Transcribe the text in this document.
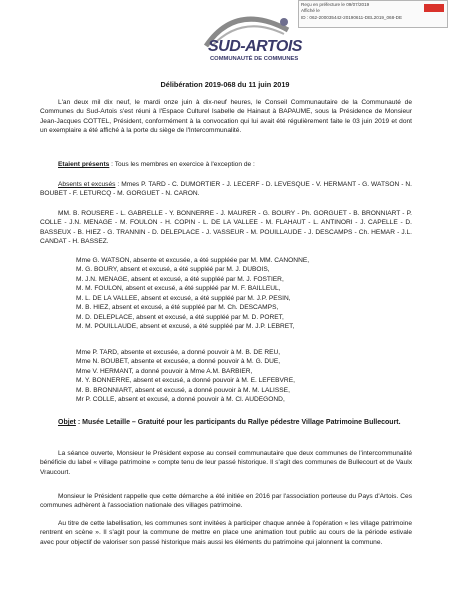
Reçu en préfecture le 09/07/2019
Affiché le
ID : 062-200035442-20190611-DEL2019_068-DE
SUD-ARTOIS
COMMUNAUTÉ DE COMMUNES
Délibération 2019-068 du 11 juin 2019

L'an deux mil dix neuf, le mardi onze juin à dix-neuf heures, le Conseil Communautaire de la Communauté de Communes du Sud-Artois s'est réuni à l'Espace Culturel Isabelle de Hainaut à BAPAUME, sous la Présidence de Monsieur Jean-Jacques COTTEL, Président, conformément à la convocation qui lui avait été régulièrement faite le 03 juin 2019 et dont un exemplaire a été affiché à la porte du siège de l'Intercommunalité.

Etaient présents : Tous les membres en exercice à l'exception de :

Absents et excusés : Mmes P. TARD - C. DUMORTIER - J. LECERF - D. LEVESQUE - V. HERMANT - G. WATSON - N. BOUBET - F. LETURCQ - M. GORGUET - N. CARON.

MM. B. ROUSERE - L. GABRELLE - Y. BONNERRE - J. MAURER - G. BOURY - Ph. GORGUET - B. BRONNIART - P. COLLE - J.N. MENAGE - M. FOULON - H. COPIN - L. DE LA VALLEE - M. FLAHAUT - L. ANTINORI - J. CAPELLE - D. BASSEUX - B. HIEZ - G. TRANNIN - D. DELEPLACE - J. VASSEUR - M. POUILLAUDE - J. DESCAMPS - Ch. HEMAR - J.L. CANDAT - H. BASSEZ.

Mme G. WATSON, absente et excusée, a été suppléée par M. MM. CANONNE,
M. G. BOURY, absent et excusé, a été suppléé par M. J. DUBOIS,
M. J.N. MENAGE, absent et excusé, a été suppléé par M. J. FOSTIER,
M. M. FOULON, absent et excusé, a été suppléé par M. F. BAILLEUL,
M. L. DE LA VALLEE, absent et excusé, a été suppléé par M. J.P. PESIN,
M. B. HIEZ, absent et excusé, a été suppléé par M. Ch. DESCAMPS,
M. D. DELEPLACE, absent et excusé, a été suppléé par M. D. PORET,
M. M. POUILLAUDE, absent et excusé, a été suppléé par M. J.P. LEBRET,
Mme P. TARD, absente et excusée, a donné pouvoir à M. B. DE REU,
Mme N. BOUBET, absente et excusée, a donné pouvoir à M. G. DUE,
Mme V. HERMANT, a donné pouvoir à Mme A.M. BARBIER,
M. Y. BONNERRE, absent et excusé, a donné pouvoir à M. E. LEFEBVRE,
M. B. BRONNIART, absent et excusé, a donné pouvoir à M. M. LALISSE,
Mr P. COLLE, absent et excusé, a donné pouvoir à M. Cl. AUDEGOND,

Objet : Musée Letaille – Gratuité pour les participants du Rallye pédestre Village Patrimoine Bullecourt.

La séance ouverte, Monsieur le Président expose au conseil communautaire que deux communes de l'intercommunalité bénéficie du label « village patrimoine » compte tenu de leur passé historique. Il s'agit des communes de Bullecourt et de Vaulx Vraucourt.

Monsieur le Président rappelle que cette démarche a été initiée en 2016 par l'association porteuse du Pays d'Artois. Ces communes adhèrent à l'association nationale des villages patrimoine.

Au titre de cette labellisation, les communes sont invitées à participer chaque année à l'opération « les village patrimoine rentrent en scène ». Il s'agit pour la commune de mettre en place une animation tout public au cours de la période estivale avec pour objectif de valoriser son passé historique mais aussi les éléments du patrimoine qui jalonnent la commune.
